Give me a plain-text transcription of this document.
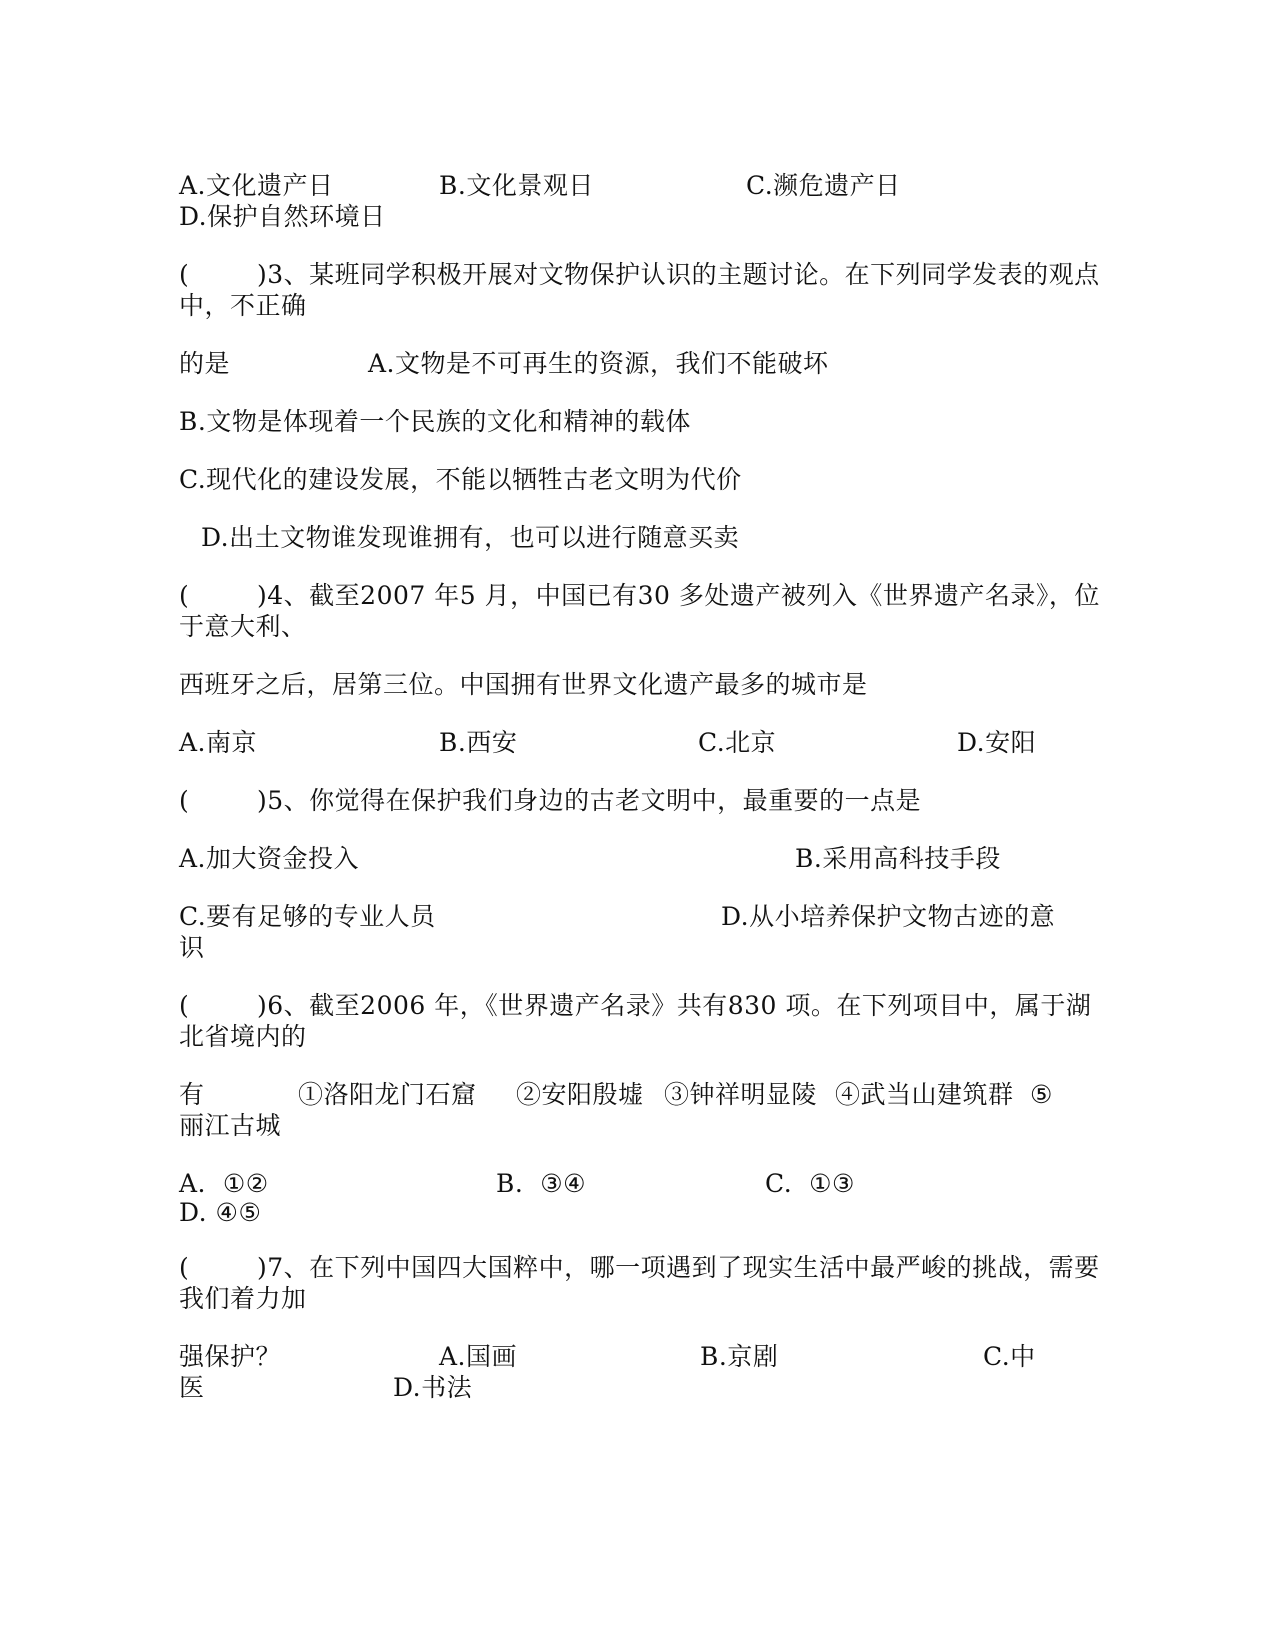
A.文化遗产日	B.文化景观日	C.濒危遗产日
D.保护自然环境日
(	)3、某班同学积极开展对文物保护认识的主题讨论。在下列同学发表的观点
中，不正确
的是	A.文物是不可再生的资源，我们不能破坏
B.文物是体现着一个民族的文化和精神的载体
C.现代化的建设发展，不能以牺牲古老文明为代价
D.出土文物谁发现谁拥有，也可以进行随意买卖
(	)4、截至2007 年5 月，中国已有30 多处遗产被列入《世界遗产名录》，位
于意大利、
西班牙之后，居第三位。中国拥有世界文化遗产最多的城市是
A.南京	B.西安	C.北京	D.安阳
(	)5、你觉得在保护我们身边的古老文明中，最重要的一点是
A.加大资金投入	B.采用高科技手段
C.要有足够的专业人员	D.从小培养保护文物古迹的意
识
(	)6、截至2006 年，《世界遗产名录》共有830 项。在下列项目中，属于湖
北省境内的
有	①洛阳龙门石窟 ②安阳殷墟 ③钟祥明显陵 ④武当山建筑群 ⑤
丽江古城
A.  ①②	B.  ③④	C.  ①③
D. ④⑤
(	)7、在下列中国四大国粹中，哪一项遇到了现实生活中最严峻的挑战，需要
我们着力加
强保护？	A.国画	B.京剧	C.中
医	D.书法
